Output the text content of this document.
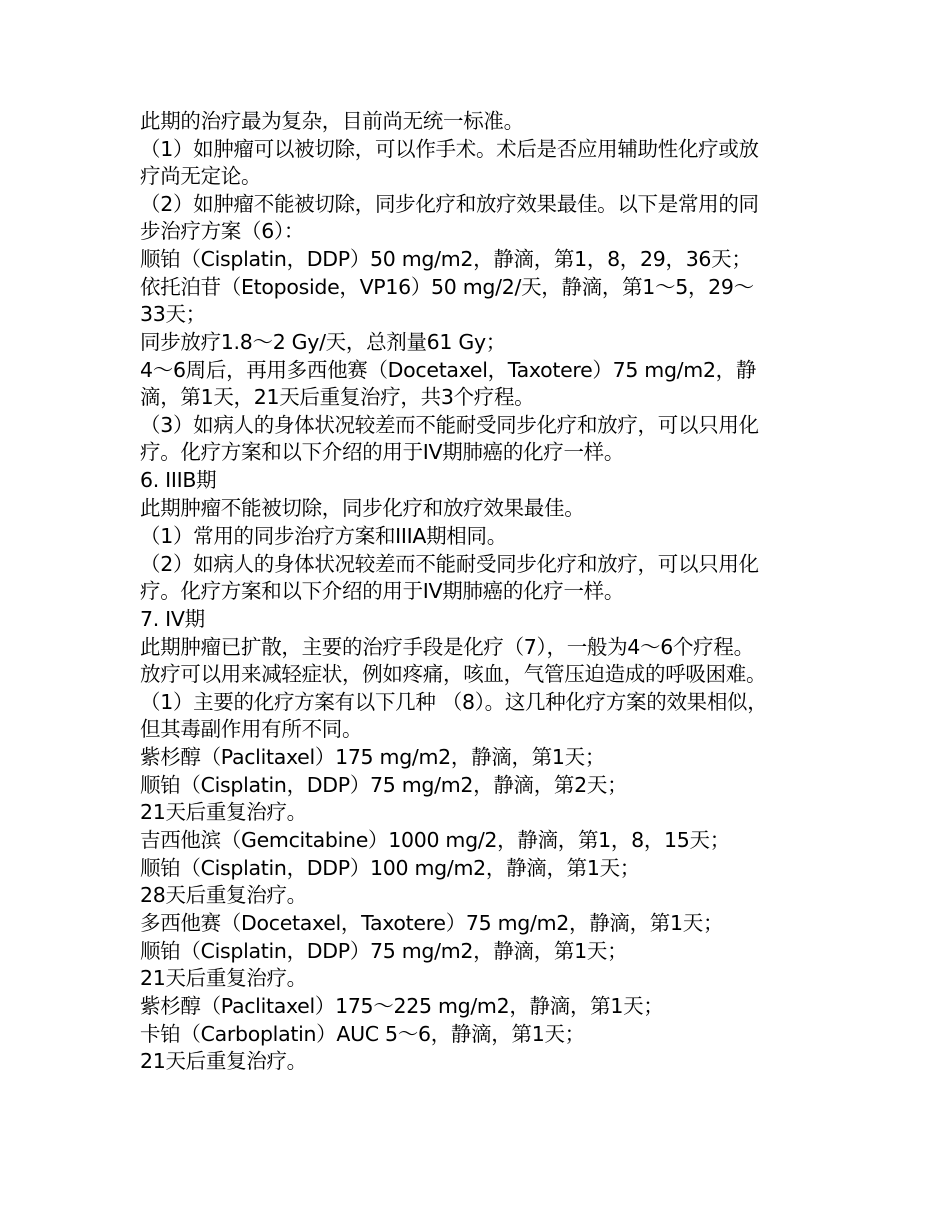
此期的治疗最为复杂，目前尚无统一标准。
（1）如肿瘤可以被切除，可以作手术。术后是否应用辅助性化疗或放
疗尚无定论。
（2）如肿瘤不能被切除，同步化疗和放疗效果最佳。以下是常用的同
步治疗方案（6）：
顺铂（Cisplatin，DDP）50 mg/m2，静滴，第1，8，29，36天；
依托泊苷（Etoposide，VP16）50 mg/2/天，静滴，第1～5，29～
33天；
同步放疗1.8～2 Gy/天，总剂量61 Gy；
4～6周后，再用多西他赛（Docetaxel，Taxotere）75 mg/m2，静
滴，第1天，21天后重复治疗，共3个疗程。
（3）如病人的身体状况较差而不能耐受同步化疗和放疗，可以只用化
疗。化疗方案和以下介绍的用于IV期肺癌的化疗一样。
6. IIIB期
此期肿瘤不能被切除，同步化疗和放疗效果最佳。
（1）常用的同步治疗方案和IIIA期相同。
（2）如病人的身体状况较差而不能耐受同步化疗和放疗，可以只用化
疗。化疗方案和以下介绍的用于IV期肺癌的化疗一样。
7. IV期
此期肿瘤已扩散，主要的治疗手段是化疗（7），一般为4～6个疗程。
放疗可以用来减轻症状，例如疼痛，咳血，气管压迫造成的呼吸困难。
（1）主要的化疗方案有以下几种 （8）。这几种化疗方案的效果相似，
但其毒副作用有所不同。
紫杉醇（Paclitaxel）175 mg/m2，静滴，第1天；
顺铂（Cisplatin，DDP）75 mg/m2，静滴，第2天；
21天后重复治疗。
吉西他滨（Gemcitabine）1000 mg/2，静滴，第1，8，15天；
顺铂（Cisplatin，DDP）100 mg/m2，静滴，第1天；
28天后重复治疗。
多西他赛（Docetaxel，Taxotere）75 mg/m2，静滴，第1天；
顺铂（Cisplatin，DDP）75 mg/m2，静滴，第1天；
21天后重复治疗。
紫杉醇（Paclitaxel）175～225 mg/m2，静滴，第1天；
卡铂（Carboplatin）AUC 5～6，静滴，第1天；
21天后重复治疗。
